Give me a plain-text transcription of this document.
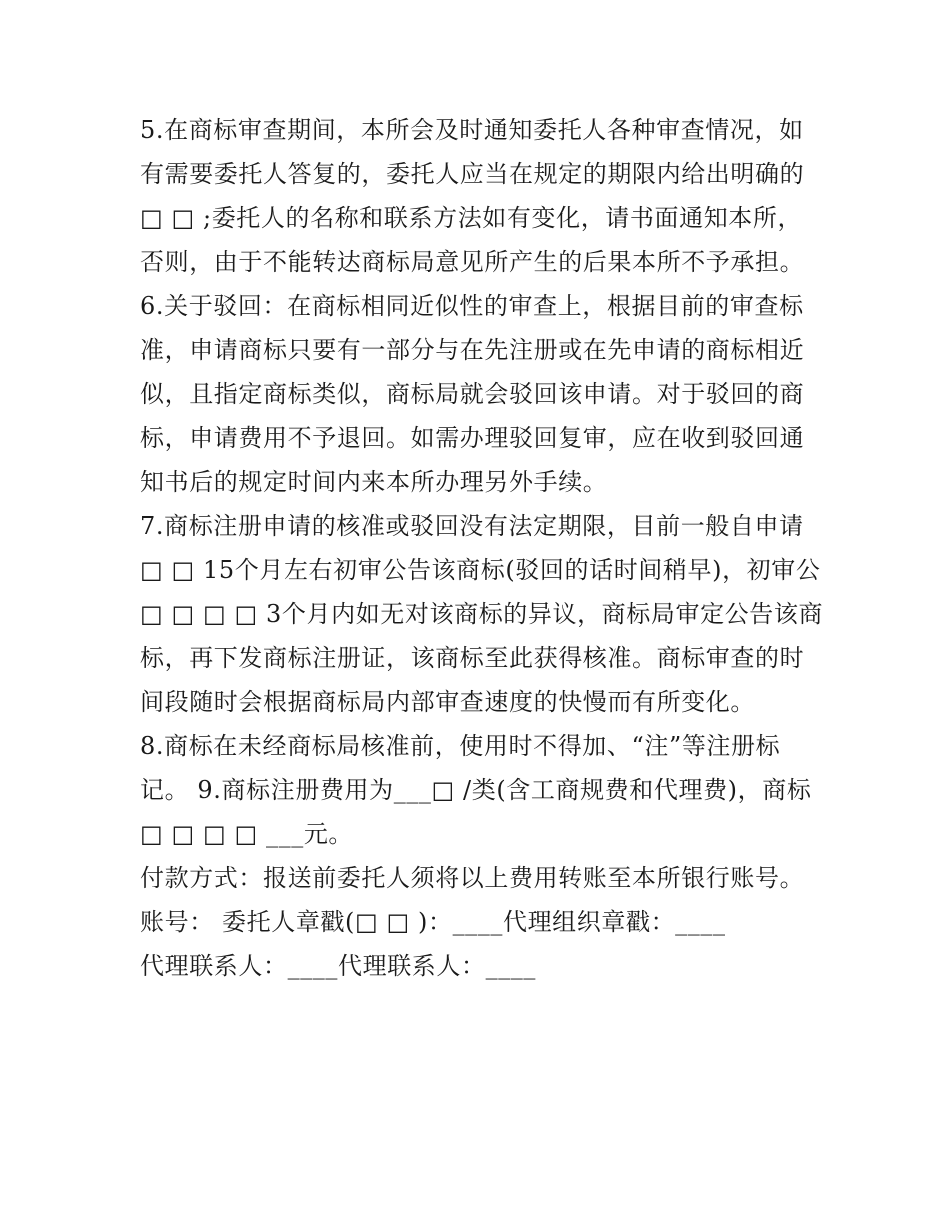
5.在商标审查期间，本所会及时通知委托人各种审查情况，如
有需要委托人答复的，委托人应当在规定的期限内给出明确的
□ □ ;委托人的名称和联系方法如有变化，请书面通知本所，
否则，由于不能转达商标局意见所产生的后果本所不予承担。
6.关于驳回：在商标相同近似性的审查上，根据目前的审查标
准，申请商标只要有一部分与在先注册或在先申请的商标相近
似，且指定商标类似，商标局就会驳回该申请。对于驳回的商
标，申请费用不予退回。如需办理驳回复审，应在收到驳回通
知书后的规定时间内来本所办理另外手续。
7.商标注册申请的核准或驳回没有法定期限，目前一般自申请
□ □ 15个月左右初审公告该商标(驳回的话时间稍早)，初审公
□ □ □ □ 3个月内如无对该商标的异议，商标局审定公告该商
标，再下发商标注册证，该商标至此获得核准。商标审查的时
间段随时会根据商标局内部审查速度的快慢而有所变化。
8.商标在未经商标局核准前，使用时不得加、“注”等注册标
记。 9.商标注册费用为___□ /类(含工商规费和代理费)，商标
□ □ □ □ ___元。
付款方式：报送前委托人须将以上费用转账至本所银行账号。
账号： 委托人章戳(□ □ )：____代理组织章戳：____
代理联系人：____代理联系人：____
